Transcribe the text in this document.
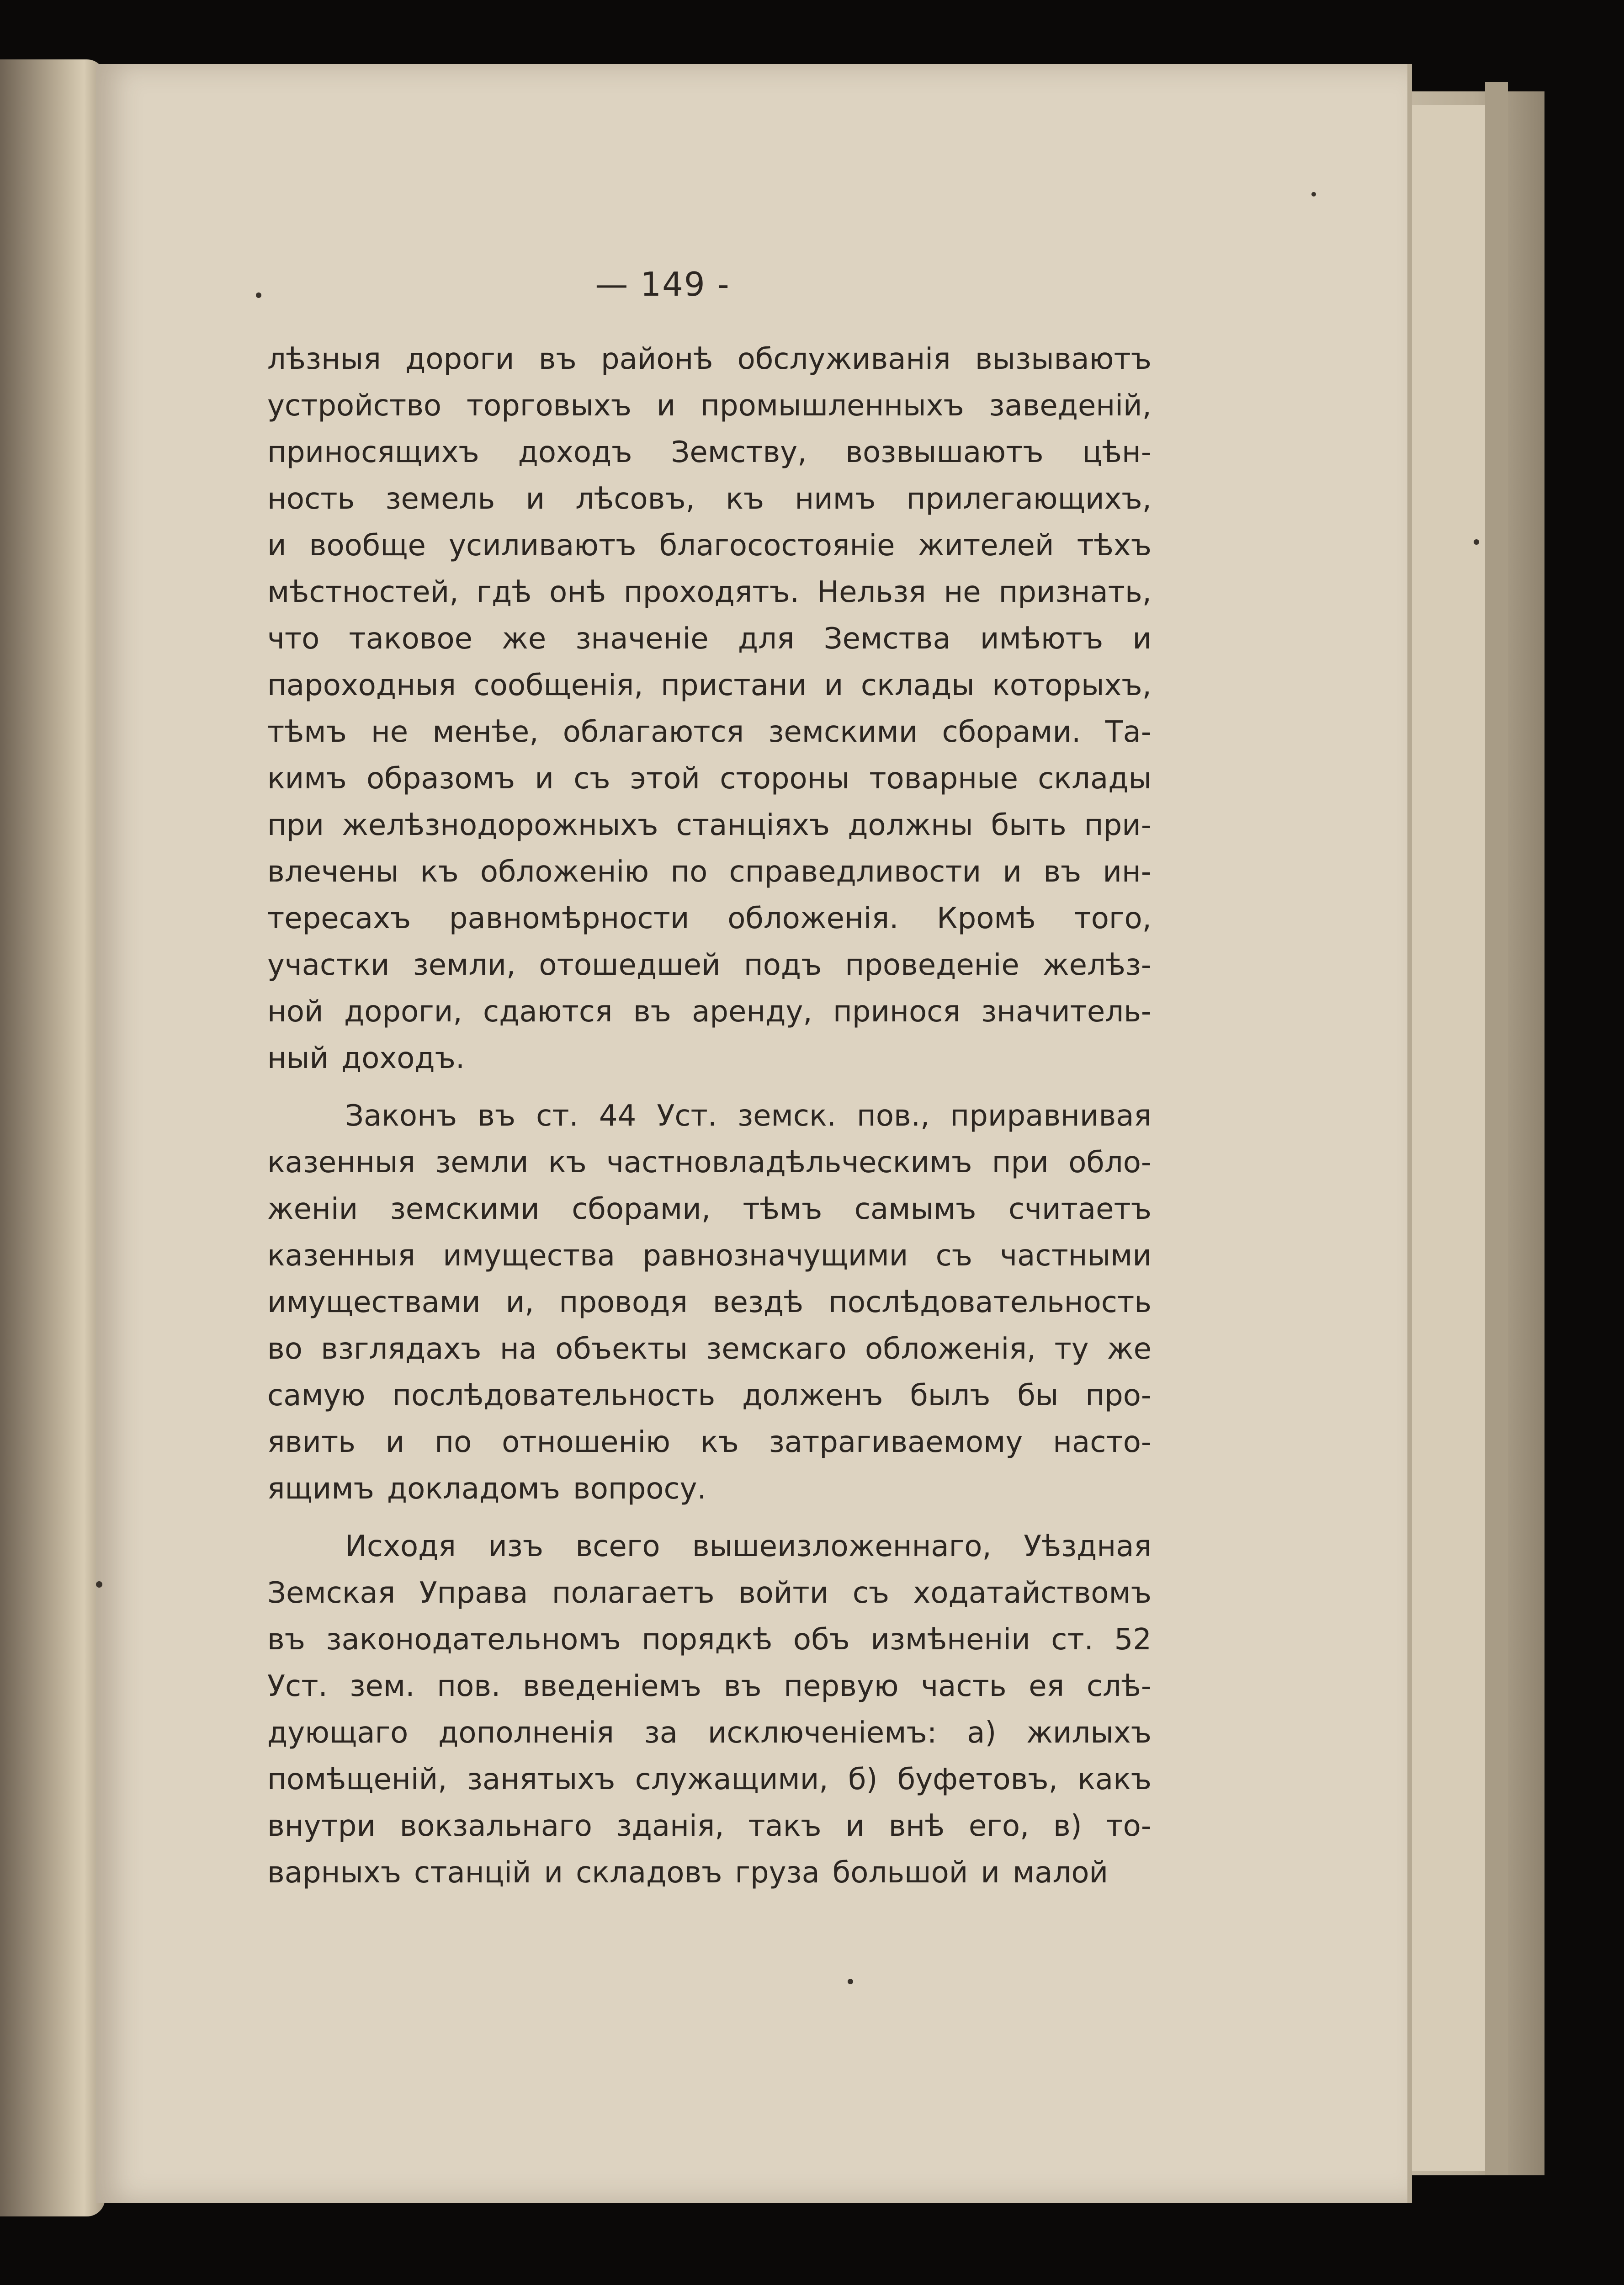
— 149 -
лѣзныя дороги въ районѣ обслуживанія вызываютъ
устройство торговыхъ и промышленныхъ заведеній,
приносящихъ доходъ Земству, возвышаютъ цѣн-
ность земель и лѣсовъ, къ нимъ прилегающихъ,
и вообще усиливаютъ благосостояніе жителей тѣхъ
мѣстностей, гдѣ онѣ проходятъ. Нельзя не признать,
что таковое же значеніе для Земства имѣютъ и
пароходныя сообщенія, пристани и склады которыхъ,
тѣмъ не менѣе, облагаются земскими сборами. Та-
кимъ образомъ и съ этой стороны товарные склады
при желѣзнодорожныхъ станціяхъ должны быть при-
влечены къ обложенію по справедливости и въ ин-
тересахъ равномѣрности обложенія. Кромѣ того,
участки земли, отошедшей подъ проведеніе желѣз-
ной дороги, сдаются въ аренду, принося значитель-
ный доходъ.
Законъ въ ст. 44 Уст. земск. пов., приравнивая
казенныя земли къ частновладѣльческимъ при обло-
женіи земскими сборами, тѣмъ самымъ считаетъ
казенныя имущества равнозначущими съ частными
имуществами и, проводя вездѣ послѣдовательность
во взглядахъ на объекты земскаго обложенія, ту же
самую послѣдовательность долженъ былъ бы про-
явить и по отношенію къ затрагиваемому насто-
ящимъ докладомъ вопросу.
Исходя изъ всего вышеизложеннаго, Уѣздная
Земская Управа полагаетъ войти съ ходатайствомъ
въ законодательномъ порядкѣ объ измѣненіи ст. 52
Уст. зем. пов. введеніемъ въ первую часть ея слѣ-
дующаго дополненія за исключеніемъ: а) жилыхъ
помѣщеній, занятыхъ служащими, б) буфетовъ, какъ
внутри вокзальнаго зданія, такъ и внѣ его, в) то-
варныхъ станцій и складовъ груза большой и малой
